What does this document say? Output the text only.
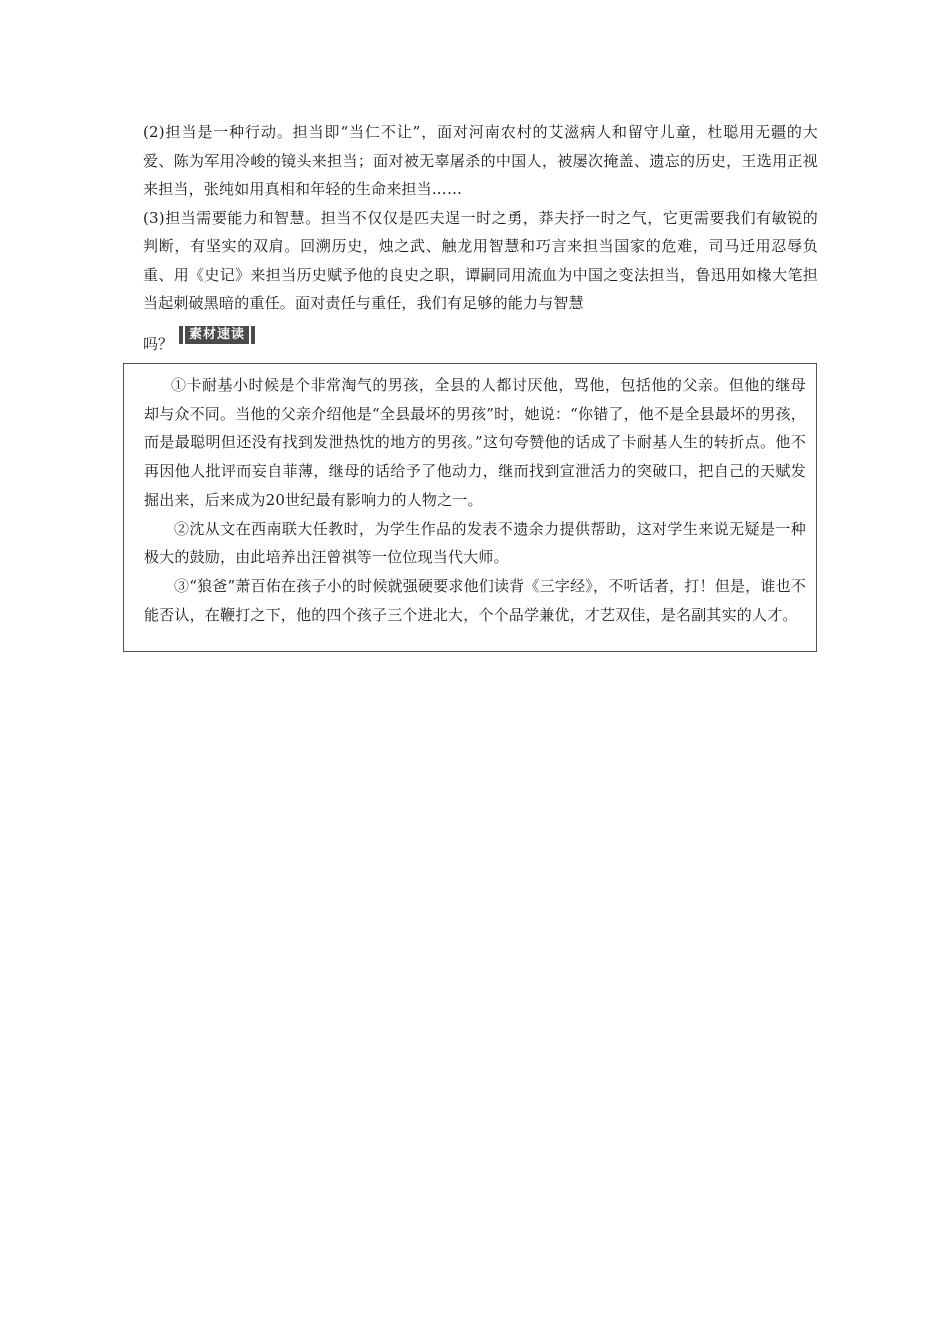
(2)担当是一种行动。担当即“当仁不让”，面对河南农村的艾滋病人和留守儿童，杜聪用无疆的大爱、陈为军用冷峻的镜头来担当；面对被无辜屠杀的中国人，被屡次掩盖、遗忘的历史，王选用正视来担当，张纯如用真相和年轻的生命来担当……

(3)担当需要能力和智慧。担当不仅仅是匹夫逞一时之勇，莽夫抒一时之气，它更需要我们有敏锐的判断，有坚实的双肩。回溯历史，烛之武、触龙用智慧和巧言来担当国家的危难，司马迁用忍辱负重、用《史记》来担当历史赋予他的良史之职，谭嗣同用流血为中国之变法担当，鲁迅用如椽大笔担当起刺破黑暗的重任。面对责任与重任，我们有足够的能力与智慧

吗？
素材速读

①卡耐基小时候是个非常淘气的男孩，全县的人都讨厌他，骂他，包括他的父亲。但他的继母却与众不同。当他的父亲介绍他是“全县最坏的男孩”时，她说：“你错了，他不是全县最坏的男孩，而是最聪明但还没有找到发泄热忱的地方的男孩。”这句夸赞他的话成了卡耐基人生的转折点。他不再因他人批评而妄自菲薄，继母的话给予了他动力，继而找到宣泄活力的突破口，把自己的天赋发掘出来，后来成为20世纪最有影响力的人物之一。

②沈从文在西南联大任教时，为学生作品的发表不遗余力提供帮助，这对学生来说无疑是一种极大的鼓励，由此培养出汪曾祺等一位位现当代大师。

③“狼爸”萧百佑在孩子小的时候就强硬要求他们读背《三字经》，不听话者，打！但是，谁也不能否认，在鞭打之下，他的四个孩子三个进北大，个个品学兼优，才艺双佳，是名副其实的人才。
